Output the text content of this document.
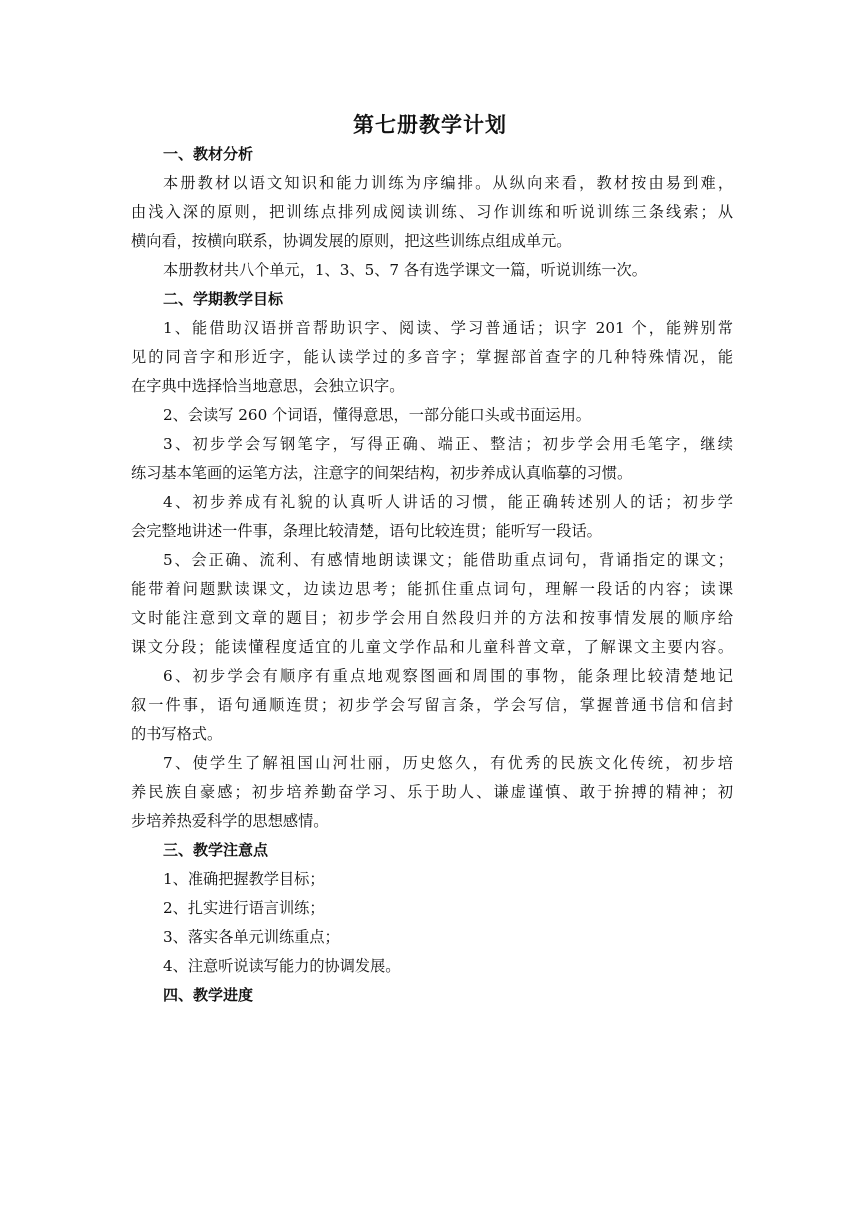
第七册教学计划
一、教材分析
本册教材以语文知识和能力训练为序编排。从纵向来看，教材按由易到难，
由浅入深的原则，把训练点排列成阅读训练、习作训练和听说训练三条线索；从
横向看，按横向联系，协调发展的原则，把这些训练点组成单元。
本册教材共八个单元，1、3、5、7 各有选学课文一篇，听说训练一次。
二、学期教学目标
1、能借助汉语拼音帮助识字、阅读、学习普通话；识字 201 个，能辨别常
见的同音字和形近字，能认读学过的多音字；掌握部首查字的几种特殊情况，能
在字典中选择恰当地意思，会独立识字。
2、会读写 260 个词语，懂得意思，一部分能口头或书面运用。
3、初步学会写钢笔字，写得正确、端正、整洁；初步学会用毛笔字，继续
练习基本笔画的运笔方法，注意字的间架结构，初步养成认真临摹的习惯。
4、初步养成有礼貌的认真听人讲话的习惯，能正确转述别人的话；初步学
会完整地讲述一件事，条理比较清楚，语句比较连贯；能听写一段话。
5、会正确、流利、有感情地朗读课文；能借助重点词句，背诵指定的课文；
能带着问题默读课文，边读边思考；能抓住重点词句，理解一段话的内容；读课
文时能注意到文章的题目；初步学会用自然段归并的方法和按事情发展的顺序给
课文分段；能读懂程度适宜的儿童文学作品和儿童科普文章，了解课文主要内容。
6、初步学会有顺序有重点地观察图画和周围的事物，能条理比较清楚地记
叙一件事，语句通顺连贯；初步学会写留言条，学会写信，掌握普通书信和信封
的书写格式。
7、使学生了解祖国山河壮丽，历史悠久，有优秀的民族文化传统，初步培
养民族自豪感；初步培养勤奋学习、乐于助人、谦虚谨慎、敢于拚搏的精神；初
步培养热爱科学的思想感情。
三、教学注意点
1、准确把握教学目标；
2、扎实进行语言训练；
3、落实各单元训练重点；
4、注意听说读写能力的协调发展。
四、教学进度
